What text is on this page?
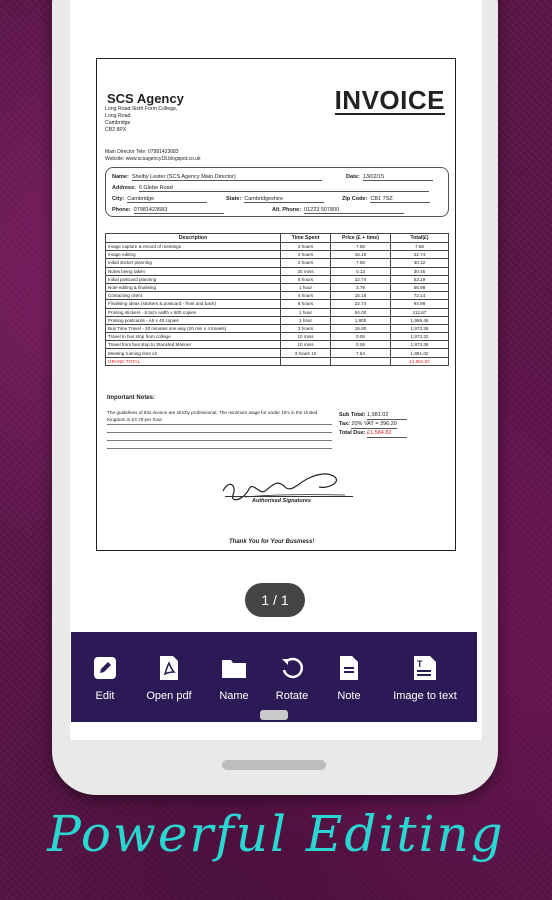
SCS Agency
Long Road Sixth Form College,
Long Road
Cambridge
CB2 8PX
Main Director Tele: 07981423683
Website: www.scsagency18.blogspot.co.uk
INVOICE
Name: Shelby Lester (SCS Agency Main Director)	Date: 13/02/15
Address: 6 Glebe Road
City: Cambridge	State: Cambridgeshire	Zip Code: CB1 7SZ
Phone: 07981423683	Alt. Phone: 01223 507800
Description	Time Spent	Price (£ + time)	Total(£)
Image capture & record of meetings	3 hours	7.58	7.58
Image editing	4 hours	15.16	22.74
Initial sticker planning	2 hours	7.58	30.32
Notes being taken	20 mins	0.13	30.45
Initial postcard planning	6 hours	22.74	53.19
Note editing & finalising	1 hour	3.79	56.98
Contacting client	4 hours	15.16	72.14
Finalising ideas (stickers & postcard - front and back)	6 hours	22.74	94.88
Printing stickers - 6.5cm width x 600 copies	1 hour	54.00	112.67
Printing postcards - A5 x 40 copies	1 hour	1,800	1,956.46
Bus Time Travel - 30 minutes one way (20 min x 4 travels)	2 hours	16.80	1,973.26
Travel to bus stop from college	10 mins	0.06	1,973.32
Travel from bus stop to Stansted Manner	10 mins	0.06	1,973.38
Meeting running time x2	3 hours 10	7.64	1,981.02
GRAND TOTAL			£1,981.02
Important Notes:
The guidelines of this invoice are strictly professional. The minimum wage for under 18's in the United Kingdom is £3.79 per hour.
Sub Total: 1,981.02
Tax: 20% VAT = 396.20
Total Due: £1,584.82
Authorised Signatures
Thank You for Your Business!
1 / 1
Edit	Open pdf	Name Rotate	Note
T
Image to text
Powerful Editing
